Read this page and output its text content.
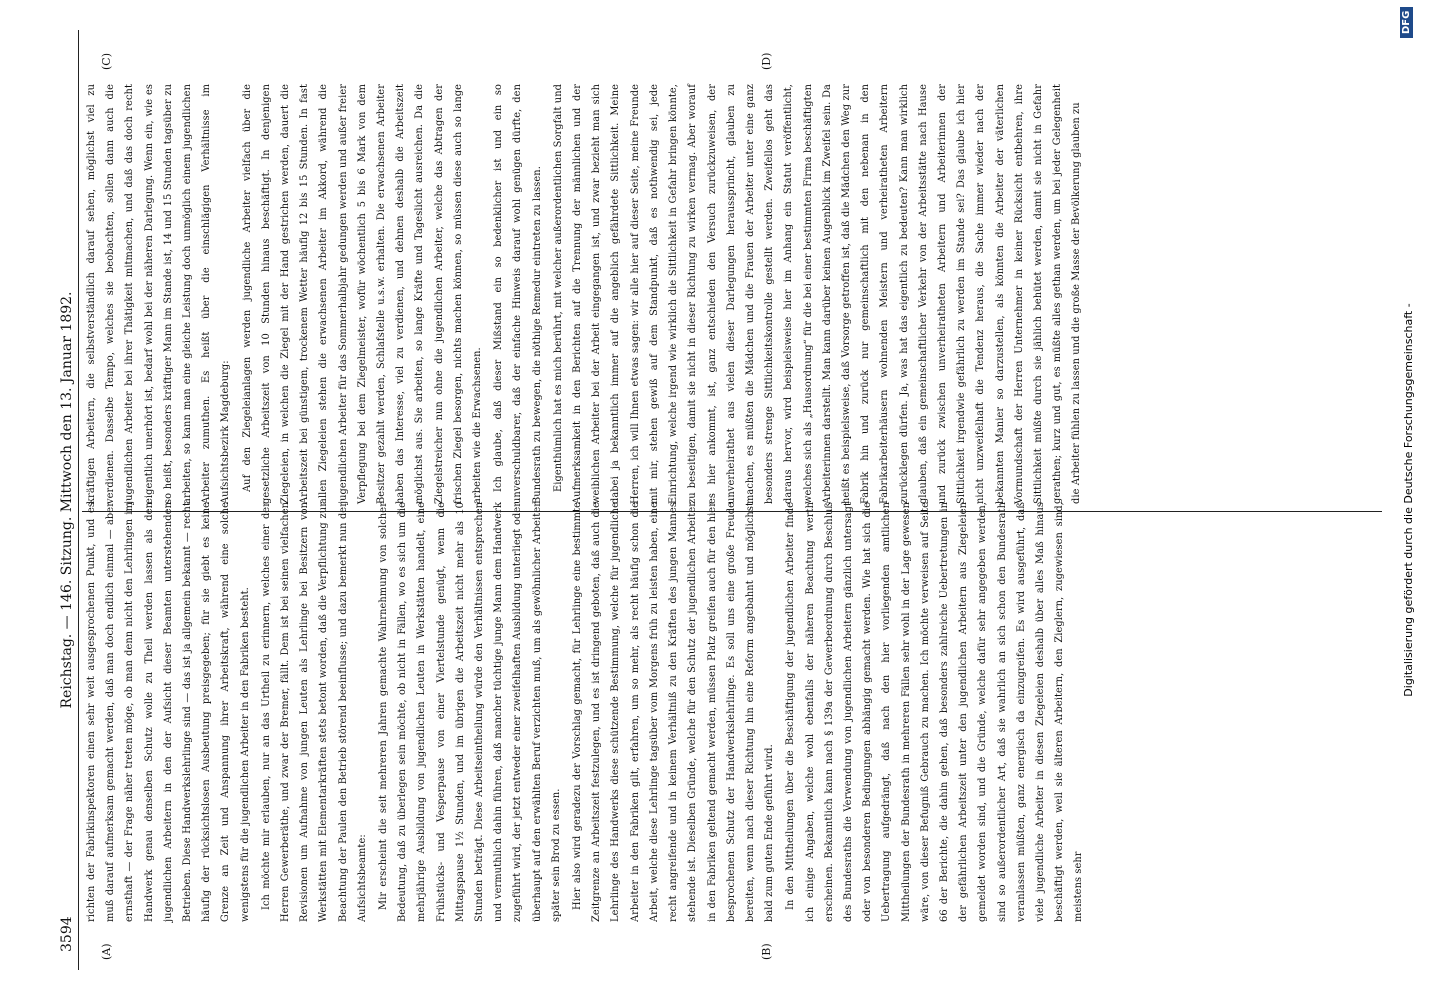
3594
Reichstag. — 146. Sitzung. Mittwoch den 13. Januar 1892.
(A)	(B)
(C)	(D)

richten der Fabrikinspektoren einen sehr weit ausgesprochenen Punkt, und es muß darauf aufmerksam gemacht werden, daß man doch endlich einmal — aber ernsthaft — der Frage näher treten möge, ob man denn nicht den Lehrlingen im Handwerk genau denselben Schutz wolle zu Theil werden lassen als den jugendlichen Arbeitern in den der Aufsicht dieser Beamten unterstehenden Betrieben. Diese Handwerkslehrlinge sind — das ist ja allgemein bekannt — recht häufig der rücksichtslosen Ausbeutung preisgegeben; für sie giebt es keine Grenze an Zeit und Anspannung ihrer Arbeitskraft, während eine solche wenigstens für die jugendlichen Arbeiter in den Fabriken besteht.	Ich möchte mir erlauben, nur an das Urtheil zu erinnern, welches einer der Herren Gewerberäthe, und zwar der Bremer, fällt. Dem ist bei seinen vielfachen Revisionen um Aufnahme von jungen Leuten als Lehrlinge bei Besitzern von Werkstätten mit Elementarkräften stets betont worden, daß die Verpflichtung zur Beachtung der Paulen den Betrieb störend beeinflusse; und dazu bemerkt nun der Aufsichtsbeamte:	Mir erscheint die seit mehreren Jahren gemachte Wahrnehmung von solcher Bedeutung, daß zu überlegen sein möchte, ob nicht in Fällen, wo es sich um die mehrjährige Ausbildung von jugendlichen Leuten in Werkstätten handelt, eine Frühstücks- und Vesperpause von einer Viertelstunde genügt, wenn die Mittagspause 1½ Stunden, und im übrigen die Arbeitszeit nicht mehr als 10 Stunden beträgt. Diese Arbeitseintheilung würde den Verhältnissen entsprechen und vermuthlich dahin führen, daß mancher tüchtige junge Mann dem Handwerk zugeführt wird, der jetzt entweder einer zweifelhaften Ausbildung unterliegt oder überhaupt auf den erwählten Beruf verzichten muß, um als gewöhnlicher Arbeiter später sein Brod zu essen.	Hier also wird geradezu der Vorschlag gemacht, für Lehrlinge eine bestimmte Zeitgrenze an Arbeitszeit festzulegen, und es ist dringend geboten, daß auch die Lehrlinge des Handwerks diese schützende Bestimmung, welche für jugendliche Arbeiter in den Fabriken gilt, erfahren, um so mehr, als recht häufig schon die Arbeit, welche diese Lehrlinge tagsüber vom Morgens früh zu leisten haben, eine recht angreifende und in keinem Verhältniß zu den Kräften des jungen Mannes stehende ist. Dieselben Gründe, welche für den Schutz der jugendlichen Arbeiter in den Fabriken geltend gemacht werden, müssen Platz greifen auch für den hier besprochenen Schutz der Handwerkslehrlinge. Es soll uns eine große Freude bereiten, wenn nach dieser Richtung hin eine Reform angebahnt und möglichst bald zum guten Ende geführt wird.	In den Mittheilungen über die Beschäftigung der jugendlichen Arbeiter finde ich einige Angaben, welche wohl ebenfalls der näheren Beachtung werth erscheinen. Bekanntlich kann nach § 139a der Gewerbeordnung durch Beschluß des Bundesraths die Verwendung von jugendlichen Arbeitern gänzlich untersagt oder von besonderen Bedingungen abhängig gemacht werden. Wie hat sich die Uebertragung aufgedrängt, daß nach den hier vorliegenden amtlichen Mittheilungen der Bundesrath in mehreren Fällen sehr wohl in der Lage gewesen wäre, von dieser Befugniß Gebrauch zu machen. Ich möchte verweisen auf Seite 66 der Berichte, die dahin gehen, daß besonders zahlreiche Uebertretungen in der gefährlichen Arbeitszeit unter den jugendlichen Arbeitern aus Ziegeleien gemeldet worden sind, und die Gründe, welche dafür sehr angegeben werden, sind so außerordentlicher Art, daß sie wahrlich an sich schon den Bundesrath veranlassen müßten, ganz energisch da einzugreifen. Es wird ausgeführt, daß viele jugendliche Arbeiter in diesen Ziegeleien deshalb über alles Maß hinaus beschäftigt werden, weil sie älteren Arbeitern, den Zieglern, zugewiesen sind, meistens sehr

kräftigen Arbeitern, die selbstverständlich darauf sehen, möglichst viel zu verdienen. Dasselbe Tempo, welches sie beobachten, sollen dann auch die jugendlichen Arbeiter bei ihrer Thätigkeit mitmachen, und daß das doch recht eigentlich unerhört ist, bedarf wohl bei der näheren Darlegung. Wenn ein, wie es so heißt, besonders kräftiger Mann im Stande ist, 14 und 15 Stunden tagsüber zu arbeiten, so kann man eine gleiche Leistung doch unmöglich einem jugendlichen Arbeiter zumuthen. Es heißt über die einschlägigen Verhältnisse im Aufsichtsbezirk Magdeburg:	Auf den Ziegeleianlagen werden jugendliche Arbeiter vielfach über die gesetzliche Arbeitszeit von 10 Stunden hinaus beschäftigt. In denjenigen Ziegeleien, in welchen die Ziegel mit der Hand gestrichen werden, dauert die Arbeitszeit bei günstigem, trockenem Wetter häufig 12 bis 15 Stunden. In fast allen Ziegeleien stehen die erwachsenen Arbeiter im Akkord, während die jugendlichen Arbeiter für das Sommerhalbjahr gedungen werden und außer freier Verpflegung bei dem Ziegelmeister, wofür wöchentlich 5 bis 6 Mark von dem Besitzer gezahlt werden, Schlafstelle u.s.w. erhalten. Die erwachsenen Arbeiter haben das Interesse, viel zu verdienen, und dehnen deshalb die Arbeitszeit möglichst aus. Sie arbeiten, so lange Kräfte und Tageslicht ausreichen. Da die Ziegelstreicher nun ohne die jugendlichen Arbeiter, welche das Abtragen der frischen Ziegel besorgen, nichts machen können, so müssen diese auch so lange arbeiten wie die Erwachsenen.	Ich glaube, daß dieser Mißstand ein so bedenklicher ist und ein so unverschuldbarer, daß der einfache Hinweis darauf wohl genügen dürfte, den Bundesrath zu bewegen, die nöthige Remedur eintreten zu lassen.	Eigenthümlich hat es mich berührt, mit welcher außerordentlichen Sorgfalt und Aufmerksamkeit in den Berichten auf die Trennung der männlichen und der weiblichen Arbeiter bei der Arbeit eingegangen ist, und zwar bezieht man sich dabei ja bekanntlich immer auf die angeblich gefährdete Sittlichkeit. Meine Herren, ich will Ihnen etwas sagen: wir alle hier auf dieser Seite, meine Freunde mit mir, stehen gewiß auf dem Standpunkt, daß es nothwendig sei, jede Einrichtung, welche irgend wie wirklich die Sittlichkeit in Gefahr bringen könnte, zu beseitigen, damit sie nicht in dieser Richtung zu wirken vermag. Aber worauf es hier ankommt, ist, ganz entschieden den Versuch zurückzuweisen, der unverheirathet aus vielen dieser Darlegungen heraussprincht, glauben zu machen, es müßten die Mädchen und die Frauen der Arbeiter unter eine ganz besonders strenge Sittlichkeitskontrolle gestellt werden. Zweifellos geht das daraus hervor, wird beispielsweise hier im Anhang ein Statut veröffentlicht, welches sich als „Hausordnung“ für die bei einer bestimmten Firma beschäftigten Arbeiterinnen darstellt. Man kann darüber keinen Augenblick im Zweifel sein. Da heißt es beispielsweise, daß Vorsorge getroffen ist, daß die Mädchen den Weg zur Fabrik hin und zurück nur gemeinschaftlich mit den nebenan in den Fabrikarbeiterhäusern wohnenden Meistern und verheiratheten Arbeitern zurücklegen dürfen. Ja, was hat das eigentlich zu bedeuten? Kann man wirklich glauben, daß ein gemeinschaftlicher Verkehr von der Arbeitsstätte nach Hause und zurück zwischen unverheiratheten Arbeitern und Arbeiterinnen der Sittlichkeit irgendwie gefährlich zu werden im Stande sei? Das glaube ich hier nicht unzweifelhaft die Tendenz heraus, die Sache immer wieder nach der bekannten Manier so darzustellen, als könnten die Arbeiter der väterlichen Vormundschaft der Herren Unternehmer in keiner Rücksicht entbehren, ihre Sittlichkeit müßte durch sie jählich behütet werden, damit sie nicht in Gefahr gerathen; kurz und gut, es müßte alles gethan werden, um bei jeder Gelegenheit die Arbeiter fühlen zu lassen und die große Masse der Bevölkerung glauben zu	Digitalisierung gefördert durch die Deutsche Forschungsgemeinschaft -
DFG
